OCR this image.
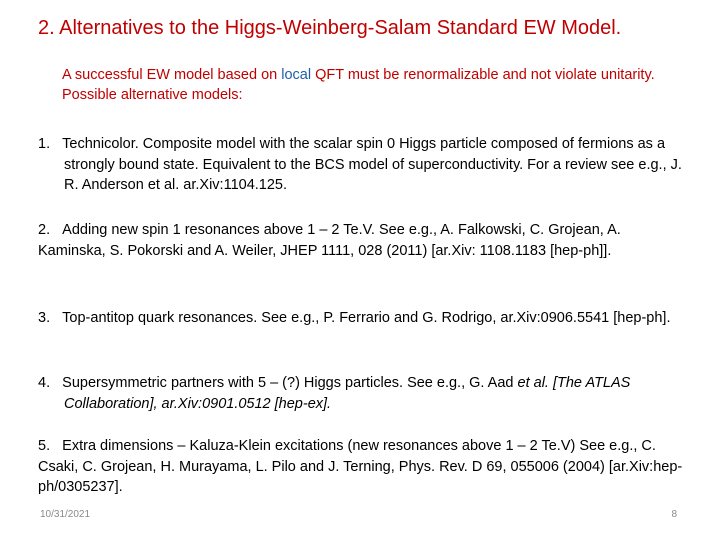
2. Alternatives to the Higgs-Weinberg-Salam Standard EW Model.
A successful EW model based on local QFT must be renormalizable and not violate unitarity. Possible alternative models:
1.   Technicolor. Composite model with the scalar spin 0 Higgs particle composed of fermions as a strongly bound state. Equivalent to the BCS model of superconductivity. For a review see e.g., J. R. Anderson et al. ar.Xiv:1104.125.
2.   Adding new spin 1 resonances above 1 – 2 Te.V. See e.g., A. Falkowski, C. Grojean, A. Kaminska, S. Pokorski and A. Weiler, JHEP 1111, 028 (2011) [ar.Xiv: 1108.1183 [hep-ph]].
3.   Top-antitop quark resonances. See e.g., P. Ferrario and G. Rodrigo, ar.Xiv:0906.5541 [hep-ph].
4.   Supersymmetric partners with 5 – (?) Higgs particles. See e.g., G. Aad et al. [The ATLAS Collaboration], ar.Xiv:0901.0512 [hep-ex].
5.   Extra dimensions – Kaluza-Klein excitations (new resonances above 1 – 2 Te.V) See e.g., C. Csaki, C. Grojean, H. Murayama, L. Pilo and J. Terning, Phys. Rev. D 69, 055006 (2004) [ar.Xiv:hep-ph/0305237].
10/31/2021	8
